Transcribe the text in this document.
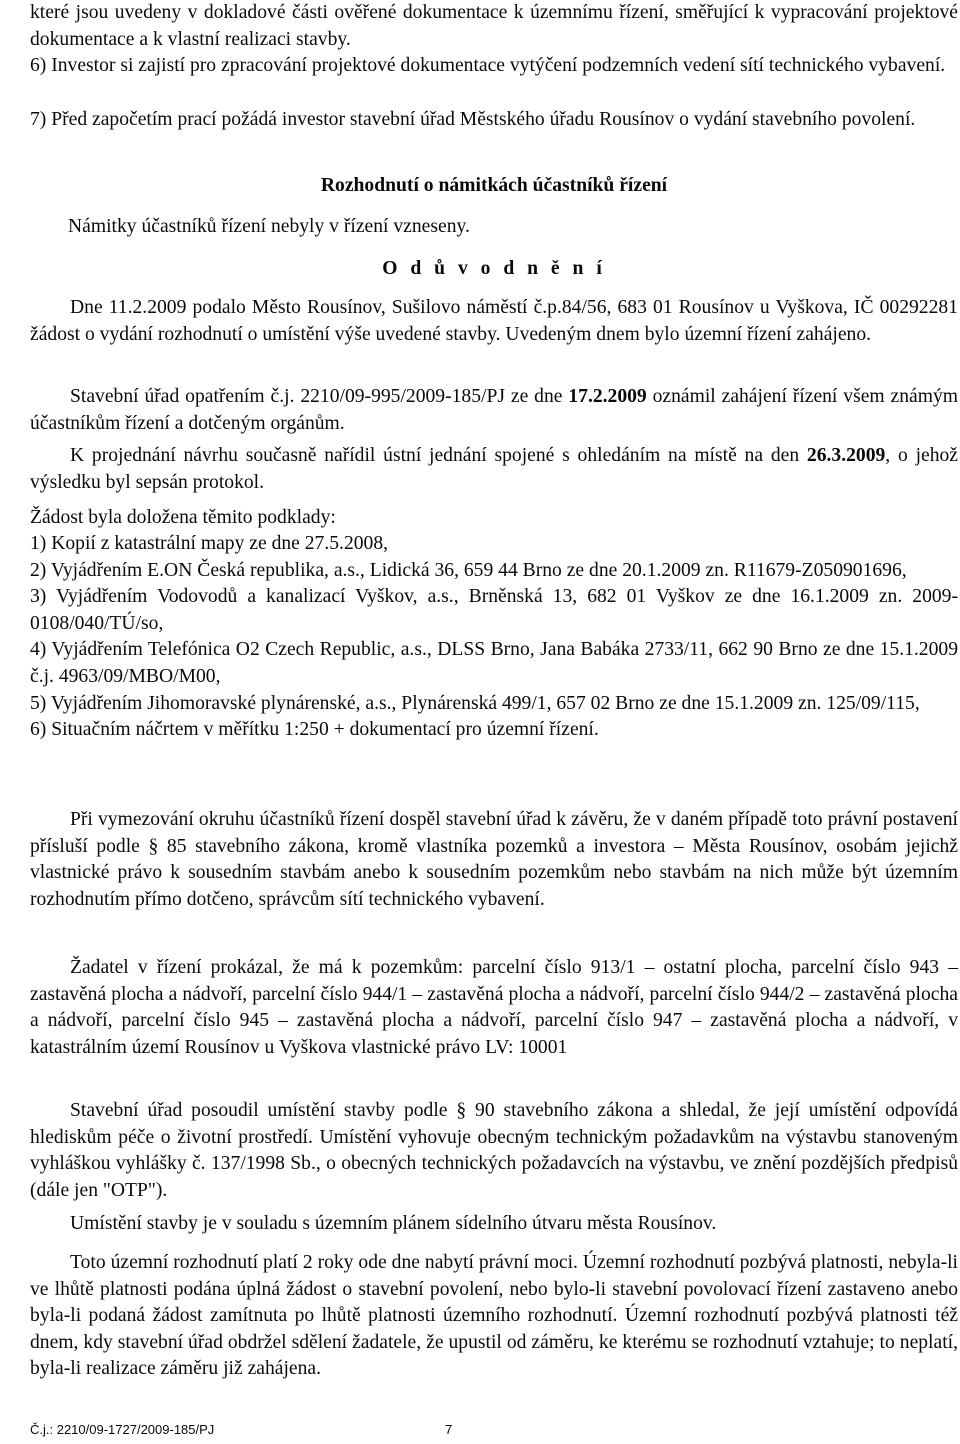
které jsou uvedeny v dokladové části ověřené dokumentace k územnímu řízení, směřující k vypracování projektové dokumentace a k vlastní realizaci stavby.

6) Investor si zajistí pro zpracování projektové dokumentace vytýčení podzemních vedení sítí technického vybavení.

7) Před započetím prací požádá investor stavební úřad Městského úřadu Rousínov o vydání stavebního povolení.

Rozhodnutí o námitkách účastníků řízení

Námitky účastníků řízení nebyly v řízení vzneseny.

O d ů v o d n ě n í

Dne 11.2.2009 podalo Město Rousínov, Sušilovo náměstí č.p.84/56, 683 01 Rousínov u Vyškova, IČ 00292281 žádost o vydání rozhodnutí o umístění výše uvedené stavby. Uvedeným dnem bylo územní řízení zahájeno.

Stavební úřad opatřením č.j. 2210/09-995/2009-185/PJ ze dne 17.2.2009 oznámil zahájení řízení všem známým účastníkům řízení a dotčeným orgánům.

K projednání návrhu současně nařídil ústní jednání spojené s ohledáním na místě na den 26.3.2009, o jehož výsledku byl sepsán protokol.

Žádost byla doložena těmito podklady:

1) Kopií z katastrální mapy ze dne 27.5.2008,
2) Vyjádřením E.ON Česká republika, a.s., Lidická 36, 659 44 Brno ze dne 20.1.2009 zn. R11679-Z050901696,
3) Vyjádřením Vodovodů a kanalizací Vyškov, a.s., Brněnská 13, 682 01 Vyškov ze dne 16.1.2009 zn. 2009-0108/040/TÚ/so,
4) Vyjádřením Telefónica O2 Czech Republic, a.s., DLSS Brno, Jana Babáka 2733/11, 662 90 Brno ze dne 15.1.2009 č.j. 4963/09/MBO/M00,
5) Vyjádřením Jihomoravské plynárenské, a.s., Plynárenská 499/1, 657 02 Brno ze dne 15.1.2009 zn. 125/09/115,
6) Situačním náčrtem v měřítku 1:250 + dokumentací pro územní řízení.

Při vymezování okruhu účastníků řízení dospěl stavební úřad k závěru, že v daném případě toto právní postavení přísluší podle § 85 stavebního zákona, kromě vlastníka pozemků a investora – Města Rousínov, osobám jejichž vlastnické právo k sousedním stavbám anebo k sousedním pozemkům nebo stavbám na nich může být územním rozhodnutím přímo dotčeno, správcům sítí technického vybavení.

Žadatel v řízení prokázal, že má k pozemkům: parcelní číslo 913/1 – ostatní plocha, parcelní číslo 943 – zastavěná plocha a nádvoří, parcelní číslo 944/1 – zastavěná plocha a nádvoří, parcelní číslo 944/2 – zastavěná plocha a nádvoří, parcelní číslo 945 – zastavěná plocha a nádvoří, parcelní číslo 947 – zastavěná plocha a nádvoří, v katastrálním území Rousínov u Vyškova vlastnické právo LV: 10001

Stavební úřad posoudil umístění stavby podle § 90 stavebního zákona a shledal, že její umístění odpovídá hlediskům péče o životní prostředí. Umístění vyhovuje obecným technickým požadavkům na výstavbu stanoveným vyhláškou vyhlášky č. 137/1998 Sb., o obecných technických požadavcích na výstavbu, ve znění pozdějších předpisů (dále jen "OTP").

Umístění stavby je v souladu s územním plánem sídelního útvaru města Rousínov.

Toto územní rozhodnutí platí 2 roky ode dne nabytí právní moci. Územní rozhodnutí pozbývá platnosti, nebyla-li ve lhůtě platnosti podána úplná žádost o stavební povolení, nebo bylo-li stavební povolovací řízení zastaveno anebo byla-li podaná žádost zamítnuta po lhůtě platnosti územního rozhodnutí. Územní rozhodnutí pozbývá platnosti též dnem, kdy stavební úřad obdržel sdělení žadatele, že upustil od záměru, ke kterému se rozhodnutí vztahuje; to neplatí, byla-li realizace záměru již zahájena.

Č.j.: 2210/09-1727/2009-185/PJ	7
